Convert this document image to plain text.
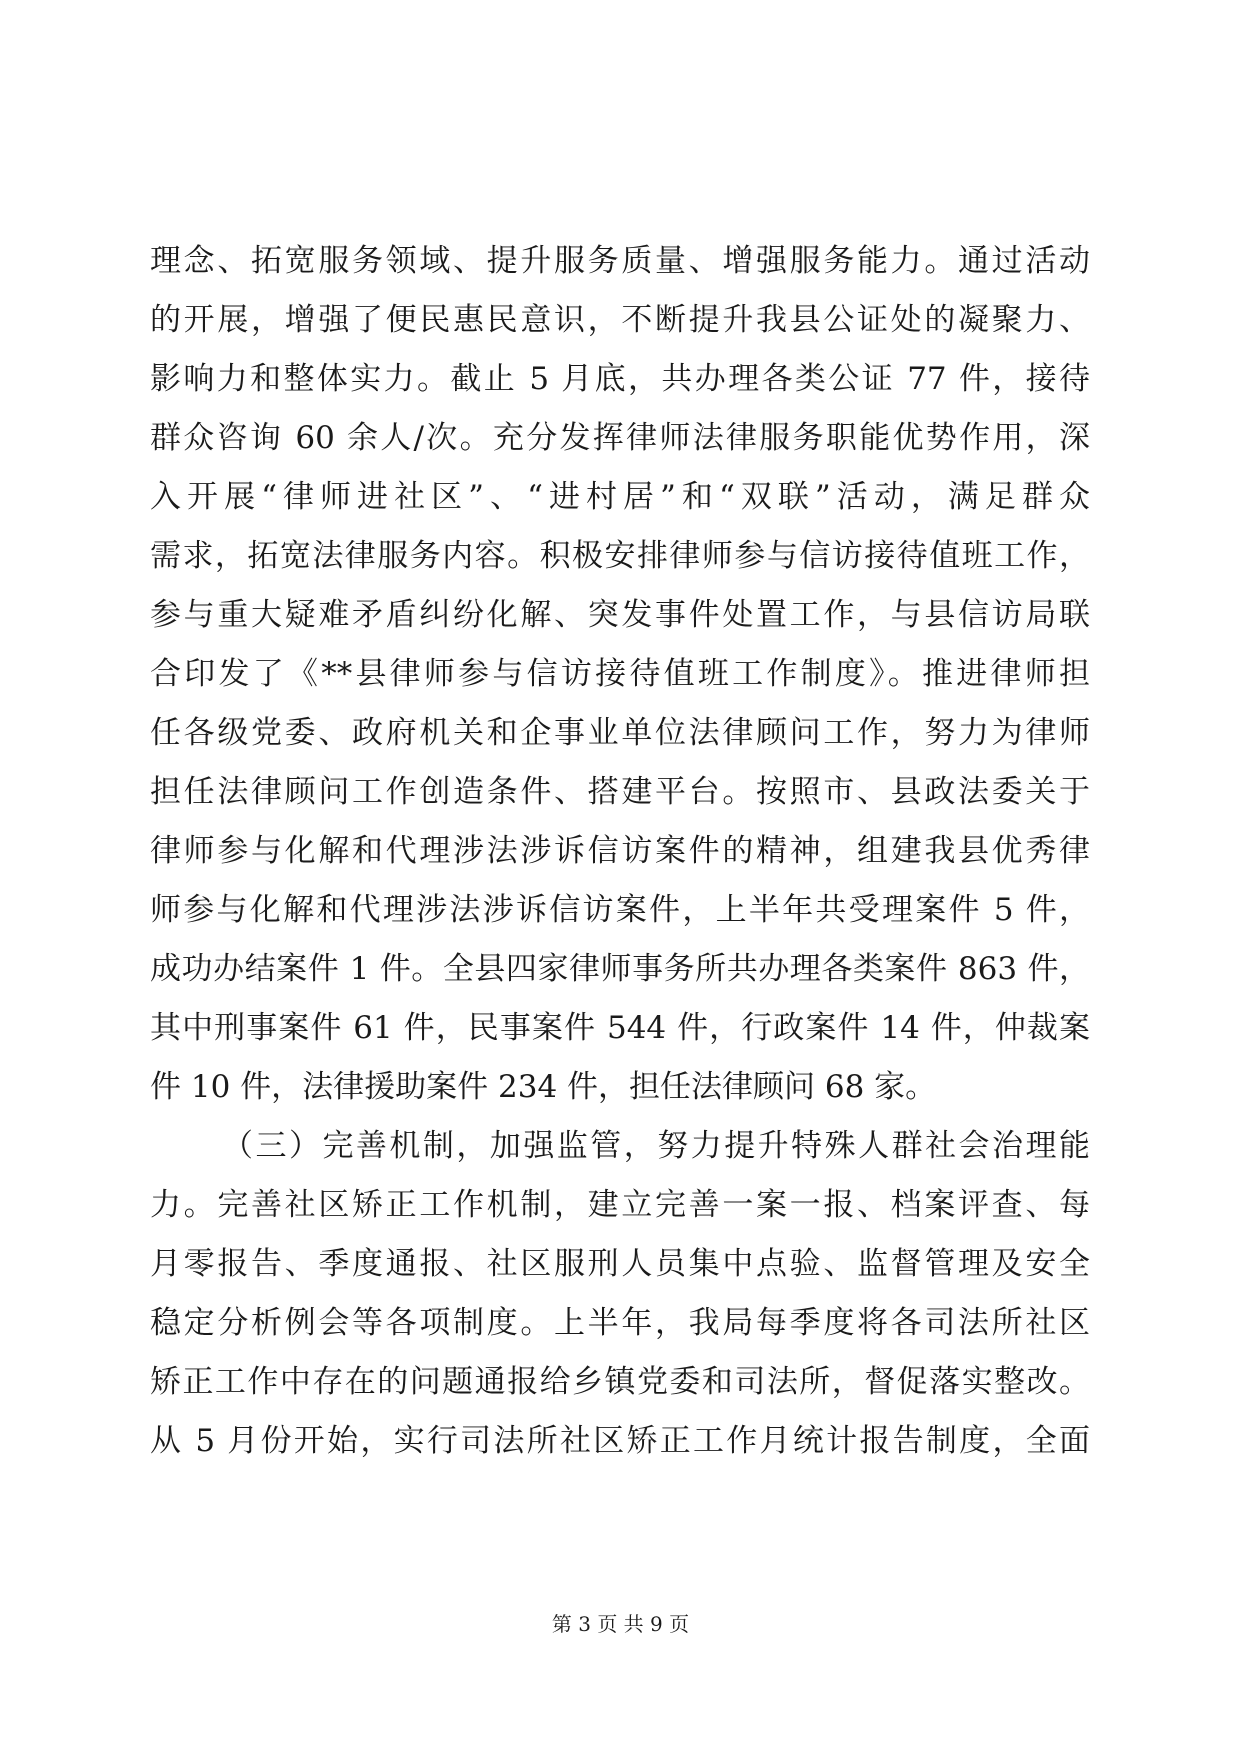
理念、拓宽服务领域、提升服务质量、增强服务能力。通过活动
的开展，增强了便民惠民意识，不断提升我县公证处的凝聚力、
影响力和整体实力。截止 5 月底，共办理各类公证 77 件，接待
群众咨询 60 余人/次。充分发挥律师法律服务职能优势作用，深
入开展“律师进社区”、“进村居”和“双联”活动，满足群众
需求，拓宽法律服务内容。积极安排律师参与信访接待值班工作，
参与重大疑难矛盾纠纷化解、突发事件处置工作，与县信访局联
合印发了《**县律师参与信访接待值班工作制度》。推进律师担
任各级党委、政府机关和企事业单位法律顾问工作，努力为律师
担任法律顾问工作创造条件、搭建平台。按照市、县政法委关于
律师参与化解和代理涉法涉诉信访案件的精神，组建我县优秀律
师参与化解和代理涉法涉诉信访案件，上半年共受理案件 5 件，
成功办结案件 1 件。全县四家律师事务所共办理各类案件 863 件，
其中刑事案件 61 件，民事案件 544 件，行政案件 14 件，仲裁案
件 10 件，法律援助案件 234 件，担任法律顾问 68 家。
（三）完善机制，加强监管，努力提升特殊人群社会治理能
力。完善社区矫正工作机制，建立完善一案一报、档案评查、每
月零报告、季度通报、社区服刑人员集中点验、监督管理及安全
稳定分析例会等各项制度。上半年，我局每季度将各司法所社区
矫正工作中存在的问题通报给乡镇党委和司法所，督促落实整改。
从 5 月份开始，实行司法所社区矫正工作月统计报告制度，全面
第 3 页 共 9 页
